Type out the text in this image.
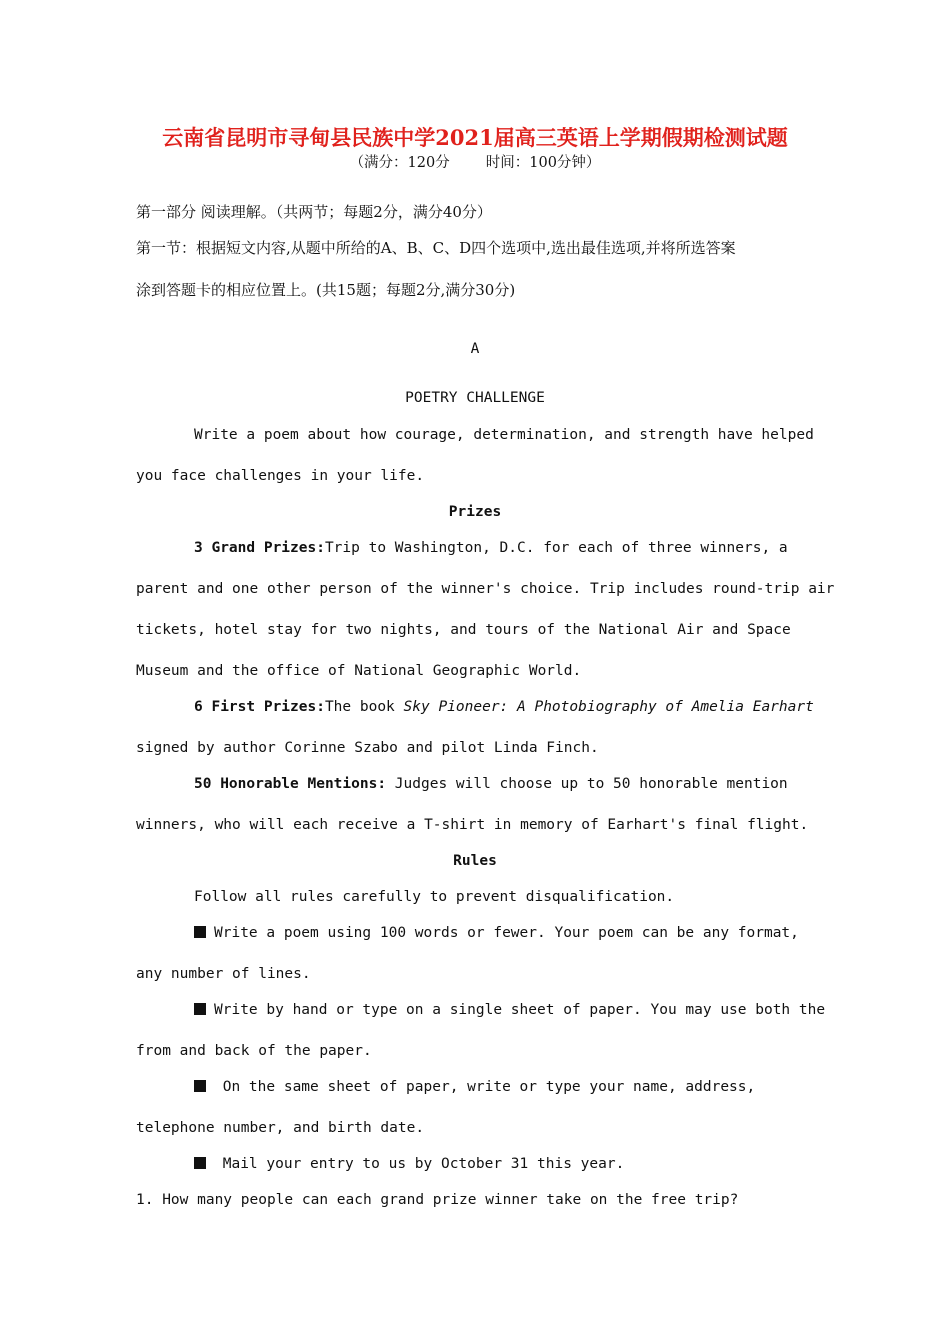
云南省昆明市寻甸县民族中学2021届高三英语上学期假期检测试题
（满分：120分 时间：100分钟）
第一部分 阅读理解。（共两节；每题2分，满分40分）
第一节：根据短文内容,从题中所给的A、B、C、D四个选项中,选出最佳选项,并将所选答案
涂到答题卡的相应位置上。(共15题；每题2分,满分30分)
A
POETRY CHALLENGE
Write a poem about how courage, determination, and strength have helped
you face challenges in your life.
Prizes
3 Grand Prizes:Trip to Washington, D.C. for each of three winners, a
parent and one other person of the winner's choice. Trip includes round-trip air
tickets, hotel stay for two nights, and tours of the National Air and Space
Museum and the office of National Geographic World.
6 First Prizes:The book Sky Pioneer: A Photobiography of Amelia Earhart
signed by author Corinne Szabo and pilot Linda Finch.
50 Honorable Mentions: Judges will choose up to 50 honorable mention
winners, who will each receive a T-shirt in memory of Earhart's final flight.
Rules
Follow all rules carefully to prevent disqualification.
Write a poem using 100 words or fewer. Your poem can be any format,
any number of lines.
Write by hand or type on a single sheet of paper. You may use both the
from and back of the paper.
On the same sheet of paper, write or type your name, address,
telephone number, and birth date.
Mail your entry to us by October 31 this year.
1. How many people can each grand prize winner take on the free trip?
